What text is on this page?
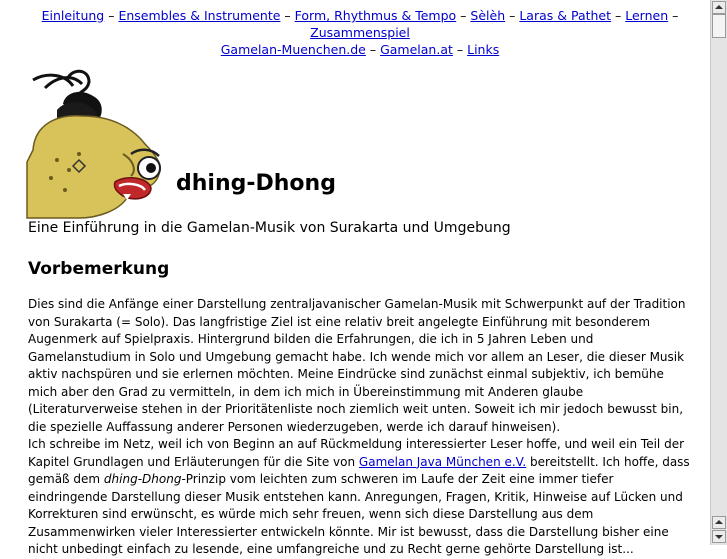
Einleitung – Ensembles & Instrumente – Form, Rhythmus & Tempo – Sèlèh – Laras & Pathet – Lernen – Zusammenspiel
Gamelan-Muenchen.de – Gamelan.at – Links
dhing-Dhong

Eine Einführung in die Gamelan-Musik von Surakarta und Umgebung

Vorbemerkung
Dies sind die Anfänge einer Darstellung zentraljavanischer Gamelan-Musik mit Schwerpunkt auf der Tradition von Surakarta (= Solo). Das langfristige Ziel ist eine relativ breit angelegte Einführung mit besonderem Augenmerk auf Spielpraxis. Hintergrund bilden die Erfahrungen, die ich in 5 Jahren Leben und Gamelanstudium in Solo und Umgebung gemacht habe. Ich wende mich vor allem an Leser, die dieser Musik aktiv nachspüren und sie erlernen möchten. Meine Eindrücke sind zunächst einmal subjektiv, ich bemühe mich aber den Grad zu vermitteln, in dem ich mich in Übereinstimmung mit Anderen glaube (Literaturverweise stehen in der Prioritätenliste noch ziemlich weit unten. Soweit ich mir jedoch bewusst bin, die spezielle Auffassung anderer Personen wiederzugeben, werde ich darauf hinweisen).
Ich schreibe im Netz, weil ich von Beginn an auf Rückmeldung interessierter Leser hoffe, und weil ein Teil der Kapitel Grundlagen und Erläuterungen für die Site von Gamelan Java München e.V. bereitstellt. Ich hoffe, dass gemäß dem dhing-Dhong-Prinzip vom leichten zum schweren im Laufe der Zeit eine immer tiefer eindringende Darstellung dieser Musik entstehen kann. Anregungen, Fragen, Kritik, Hinweise auf Lücken und Korrekturen sind erwünscht, es würde mich sehr freuen, wenn sich diese Darstellung aus dem Zusammenwirken vieler Interessierter entwickeln könnte. Mir ist bewusst, dass die Darstellung bisher eine nicht unbedingt einfach zu lesende, eine umfangreiche und zu Recht gerne gehörte Darstellung ist...
